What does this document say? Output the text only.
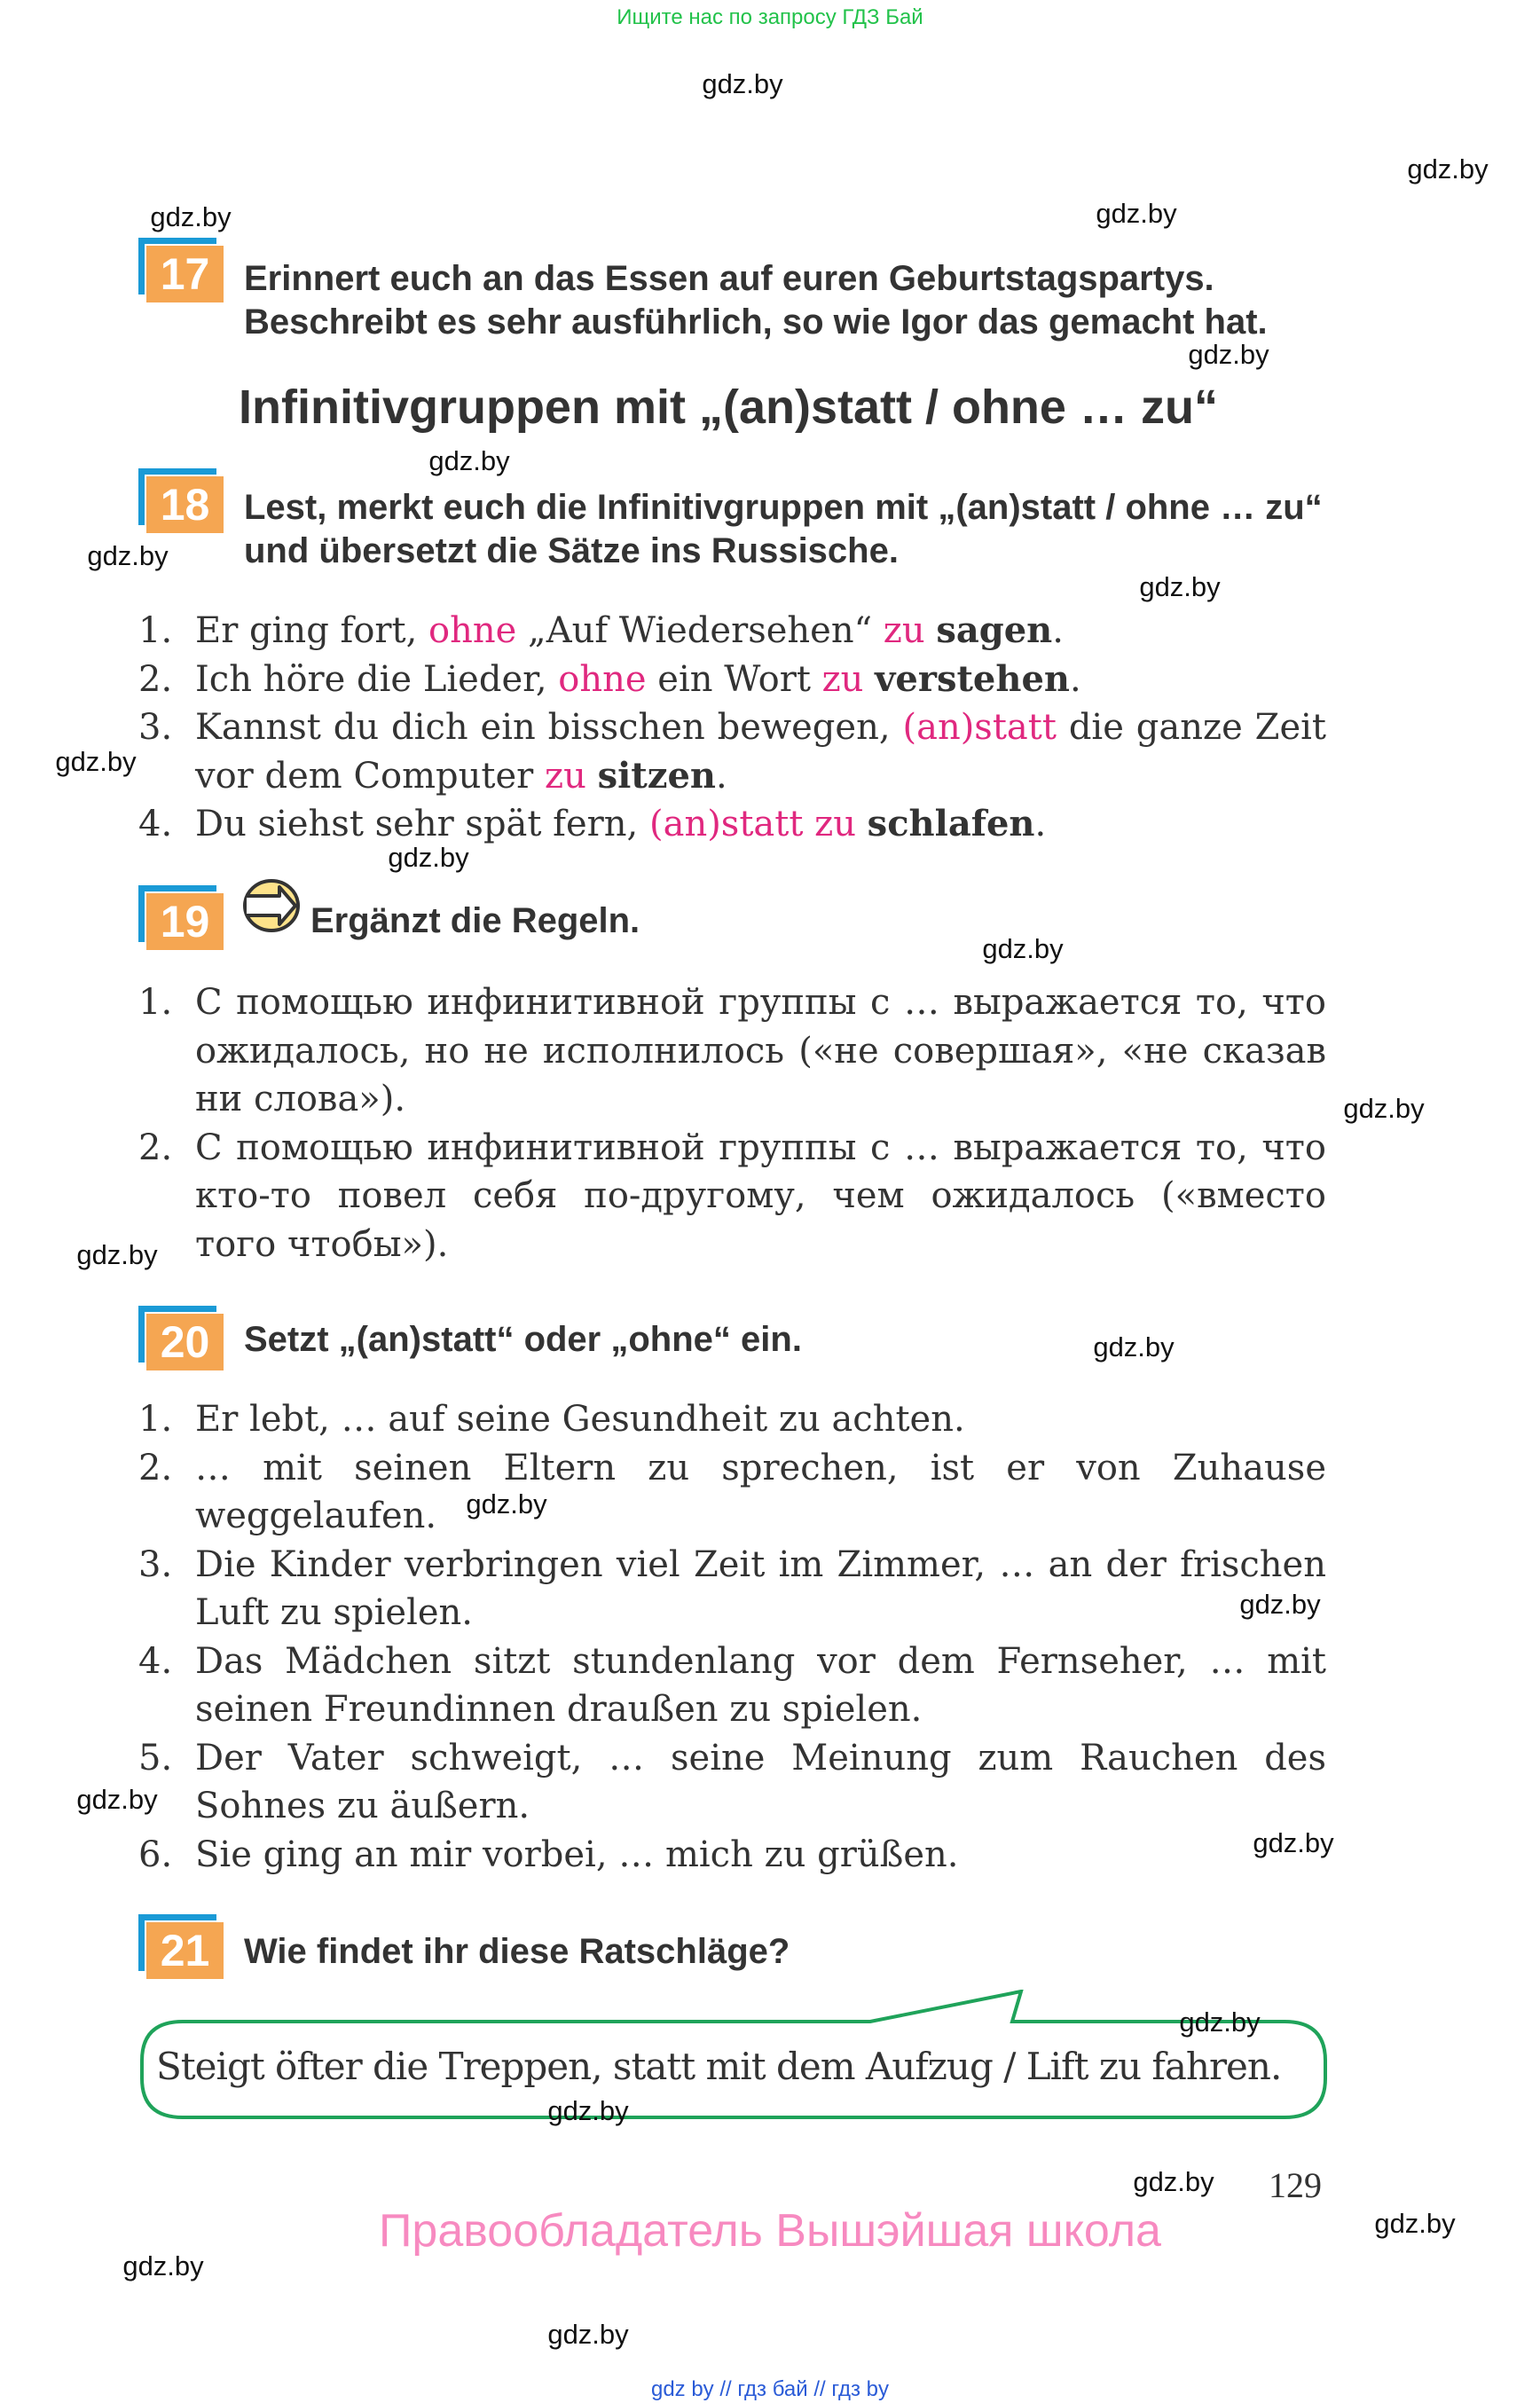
Ищите нас по запросу ГДЗ Бай
17 Erinnert euch an das Essen auf euren Geburtstagspartys. Beschreibt es sehr ausführlich, so wie Igor das gemacht hat.
Infinitivgruppen mit „(an)statt / ohne … zu“
18 Lest, merkt euch die Infinitivgruppen mit „(an)statt / ohne … zu“ und übersetzt die Sätze ins Russische.
1. Er ging fort, ohne „Auf Wiedersehen“ zu sagen.
2. Ich höre die Lieder, ohne ein Wort zu verstehen.
3. Kannst du dich ein bisschen bewegen, (an)statt die ganze Zeit vor dem Computer zu sitzen.
4. Du siehst sehr spät fern, (an)statt zu schlafen.
19	Ergänzt die Regeln.
1. С помощью инфинитивной группы с … выражается то, что ожидалось, но не исполнилось («не совершая», «не сказав ни слова»).
2. С помощью инфинитивной группы с … выражается то, что кто-то повел себя по-другому, чем ожидалось («вместо того чтобы»).
20 Setzt „(an)statt“ oder „ohne“ ein.
1. Er lebt, … auf seine Gesundheit zu achten.
2. … mit seinen Eltern zu sprechen, ist er von Zuhause weggelaufen.
3. Die Kinder verbringen viel Zeit im Zimmer, … an der frischen Luft zu spielen.
4. Das Mädchen sitzt stundenlang vor dem Fernseher, … mit seinen Freundinnen draußen zu spielen.
5. Der Vater schweigt, … seine Meinung zum Rauchen des Sohnes zu äußern.
6. Sie ging an mir vorbei, … mich zu grüßen.
21 Wie findet ihr diese Ratschläge?
Steigt öfter die Treppen, statt mit dem Aufzug / Lift zu fahren.
129
Правообладатель Вышэйшая школа
gdz by // гдз бай // гдз by
gdz.by
gdz.by
gdz.by
gdz.by
gdz.by
gdz.by
gdz.by
gdz.by
gdz.by
gdz.by
gdz.by
gdz.by
gdz.by
gdz.by
gdz.by
gdz.by
gdz.by
gdz.by
gdz.by
gdz.by
gdz.by
gdz.by
gdz.by
gdz.by
